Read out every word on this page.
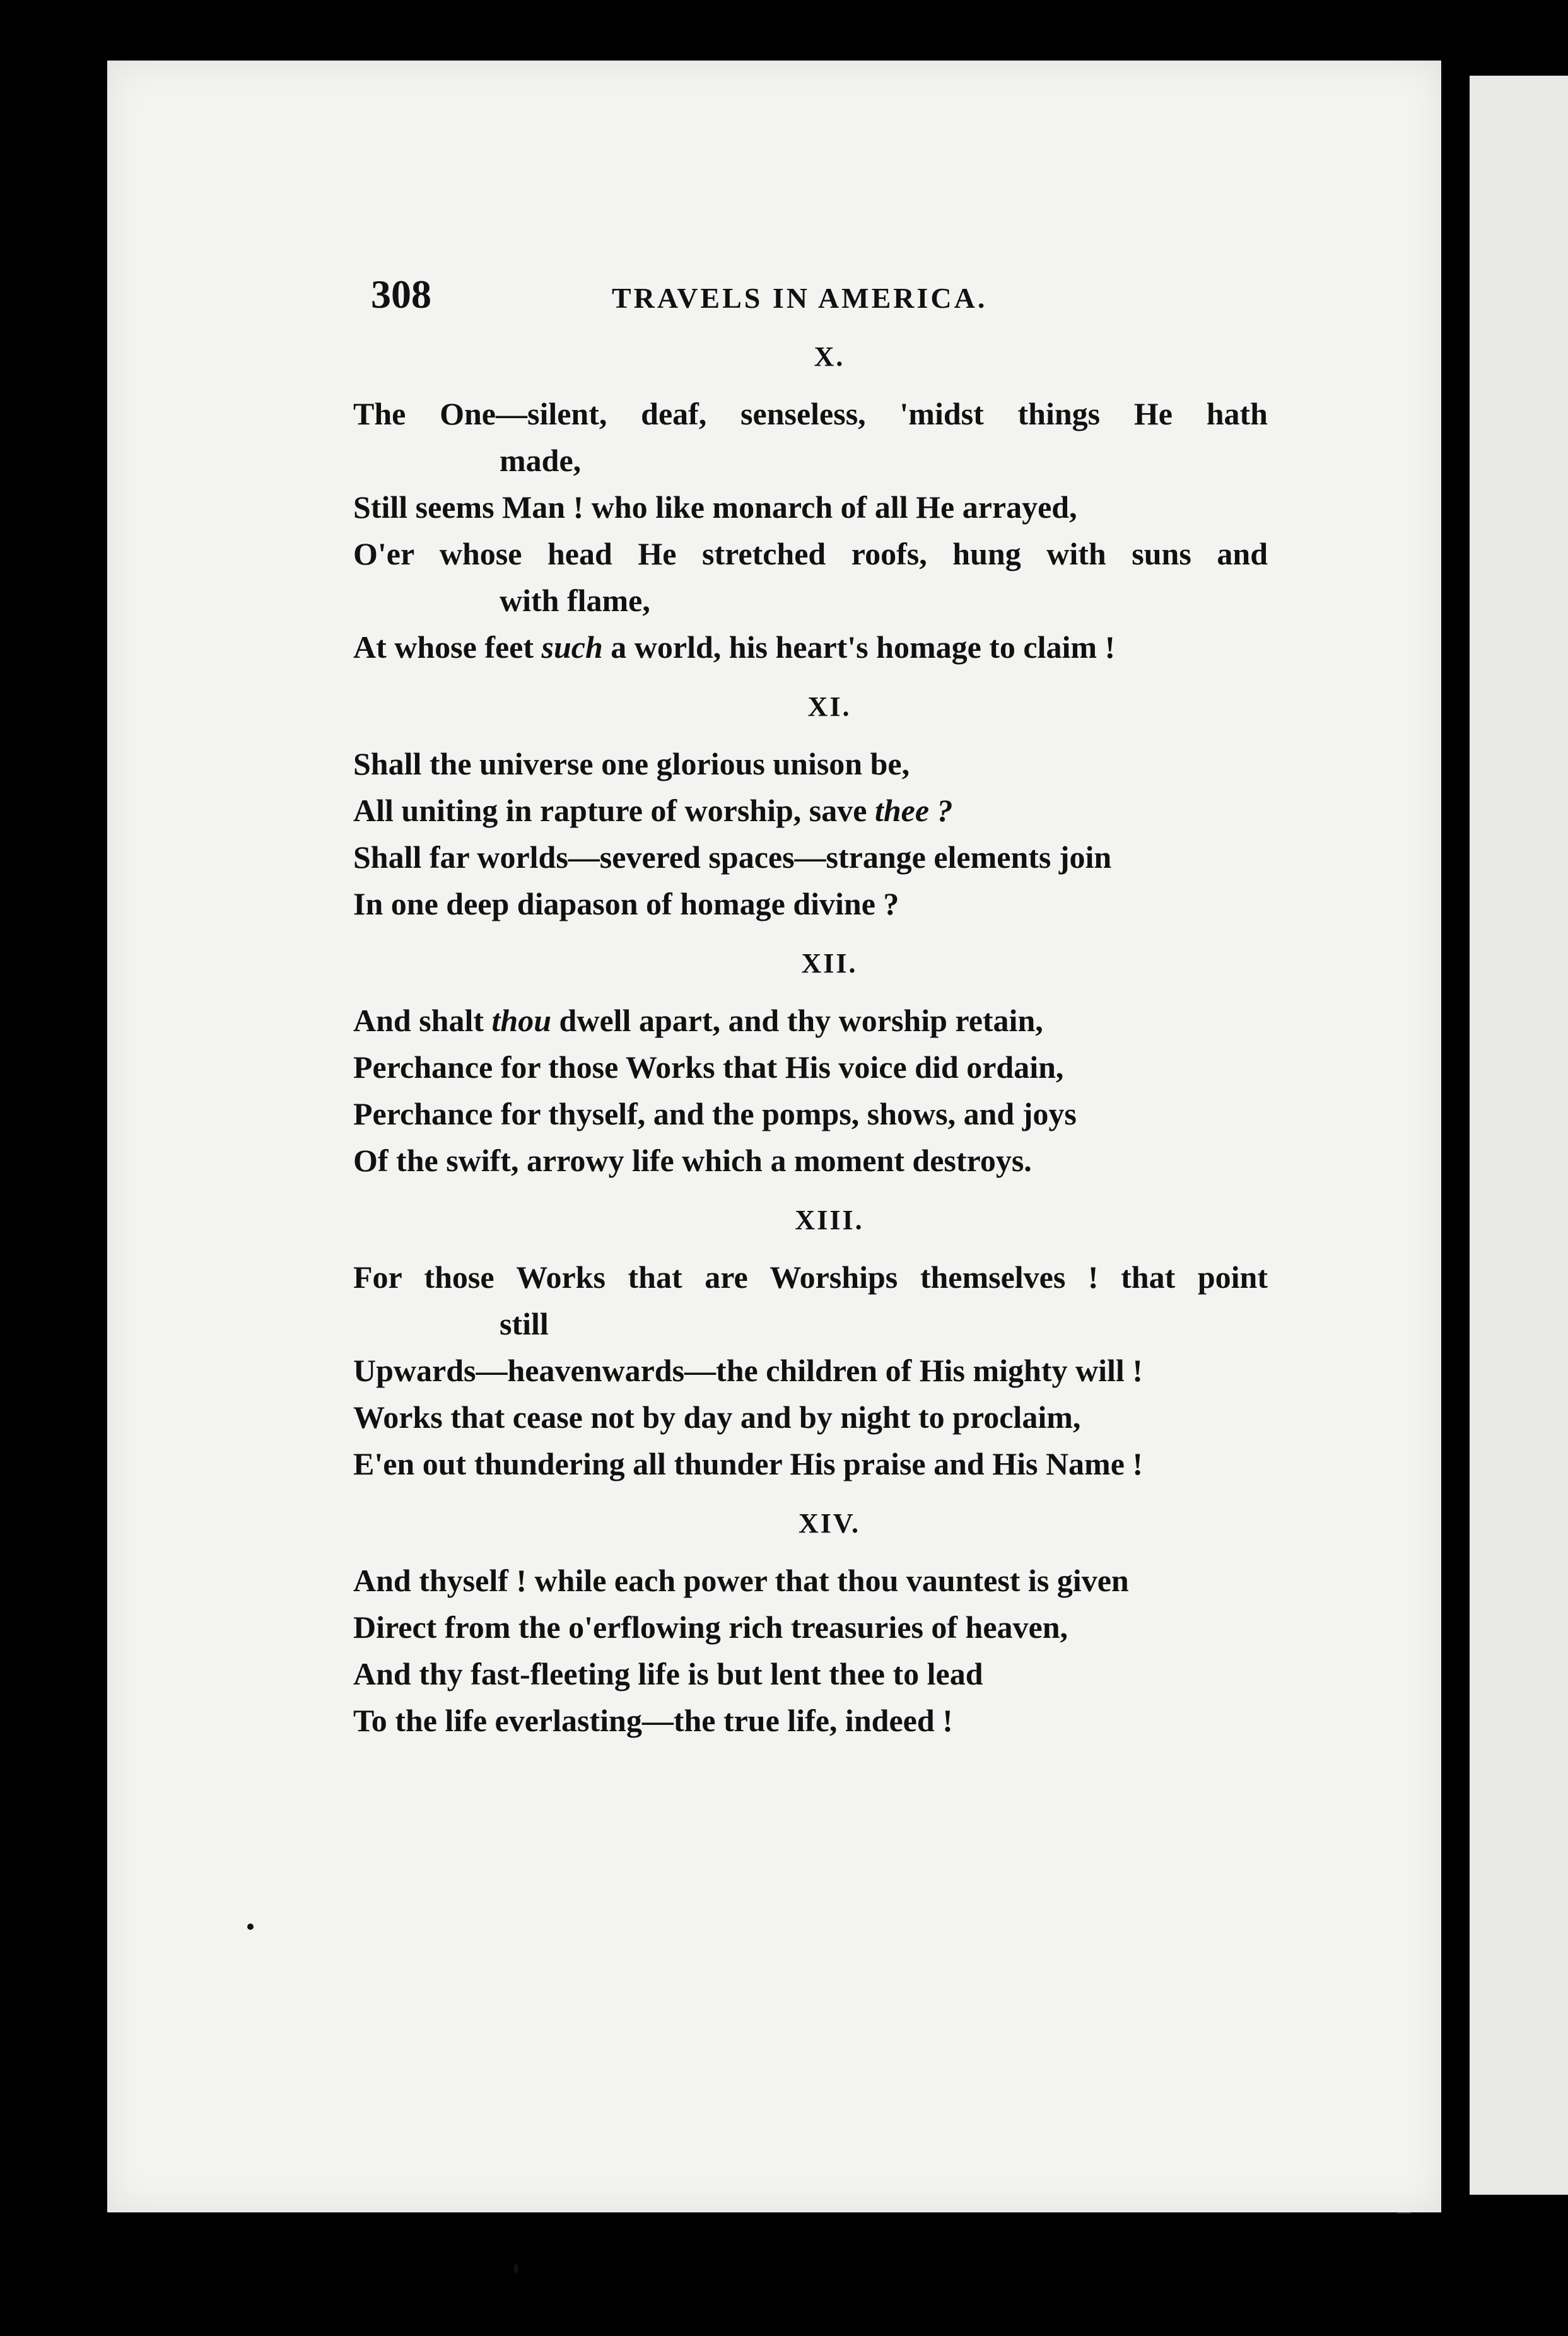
308	TRAVELS IN AMERICA.
X.
The One—silent, deaf, senseless, 'midst things He hath
made,
Still seems Man ! who like monarch of all He arrayed,
O'er whose head He stretched roofs, hung with suns and
with flame,
At whose feet such a world, his heart's homage to claim !
XI.
Shall the universe one glorious unison be,
All uniting in rapture of worship, save thee ?
Shall far worlds—severed spaces—strange elements join
In one deep diapason of homage divine ?
XII.
And shalt thou dwell apart, and thy worship retain,
Perchance for those Works that His voice did ordain,
Perchance for thyself, and the pomps, shows, and joys
Of the swift, arrowy life which a moment destroys.
XIII.
For those Works that are Worships themselves ! that point
still
Upwards—heavenwards—the children of His mighty will !
Works that cease not by day and by night to proclaim,
E'en out thundering all thunder His praise and His Name !
XIV.
And thyself ! while each power that thou vauntest is given
Direct from the o'erflowing rich treasuries of heaven,
And thy fast-fleeting life is but lent thee to lead
To the life everlasting—the true life, indeed !
